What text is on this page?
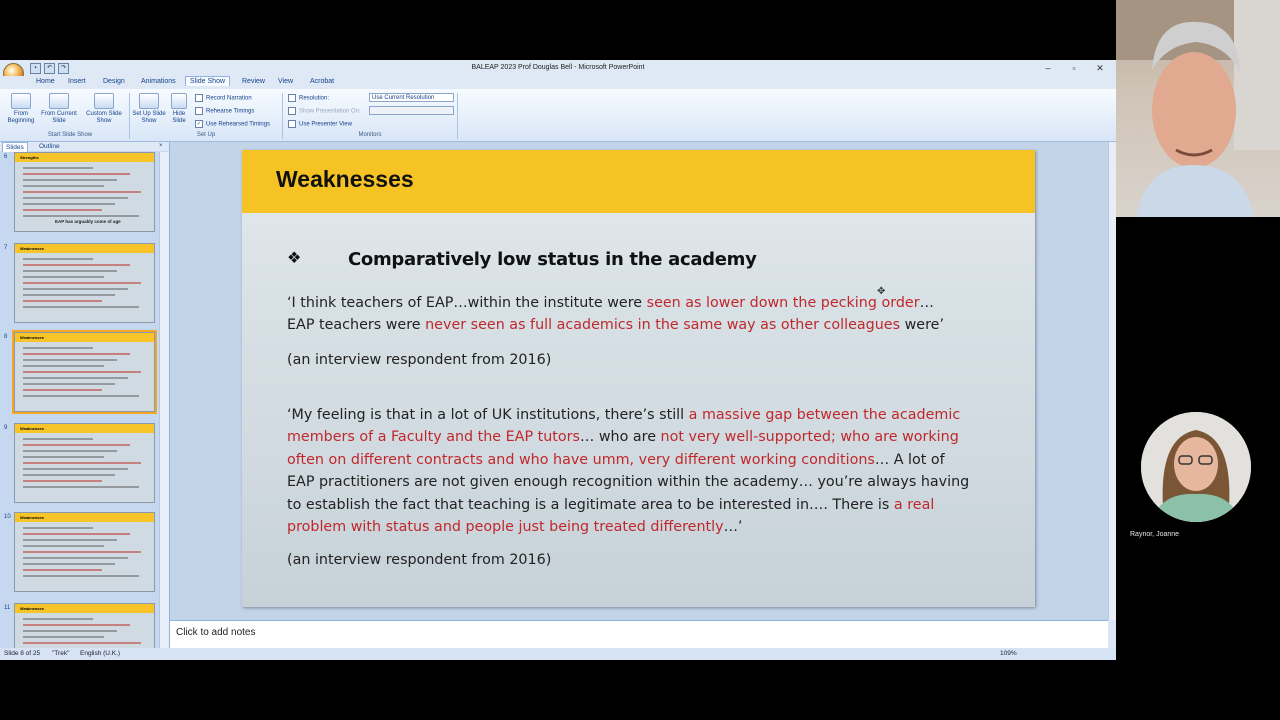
BALEAP 2023 Prof Douglas Bell - Microsoft PowerPoint	–	▫	✕
▪	↶	↷
Home	Insert	Design	Animations	Slide Show	Review	View	Acrobat
From Beginning
From Current Slide
Custom Slide Show
Start Slide Show
Set Up Slide Show
Hide Slide
Record Narration
Rehearse Timings
✓ Use Rehearsed Timings
Set Up
Resolution:	Use Current Resolution
Show Presentation On:
Use Presenter View
Monitors
Slides	Outline	×
6	Strengths
EAP has arguably come of age
7	Weaknesses
8	Weaknesses
9	Weaknesses
10	Weaknesses
11	Weaknesses
Weaknesses
❖	Comparatively low status in the academy
‘I think teachers of EAP…within the institute were seen as lower down the pecking order…
EAP teachers were never seen as full academics in the same way as other colleagues were’
(an interview respondent from 2016)
‘My feeling is that in a lot of UK institutions, there’s still a massive gap between the academic
members of a Faculty and the EAP tutors… who are not very well-supported; who are working
often on different contracts and who have umm, very different working conditions… A lot of
EAP practitioners are not given enough recognition within the academy… you’re always having
to establish the fact that teaching is a legitimate area to be interested in…. There is a real
problem with status and people just being treated differently…’
(an interview respondent from 2016)
Click to add notes
Slide 8 of 25 "Trek" English (U.K.)	109%
✥
Raynor, Joanne
